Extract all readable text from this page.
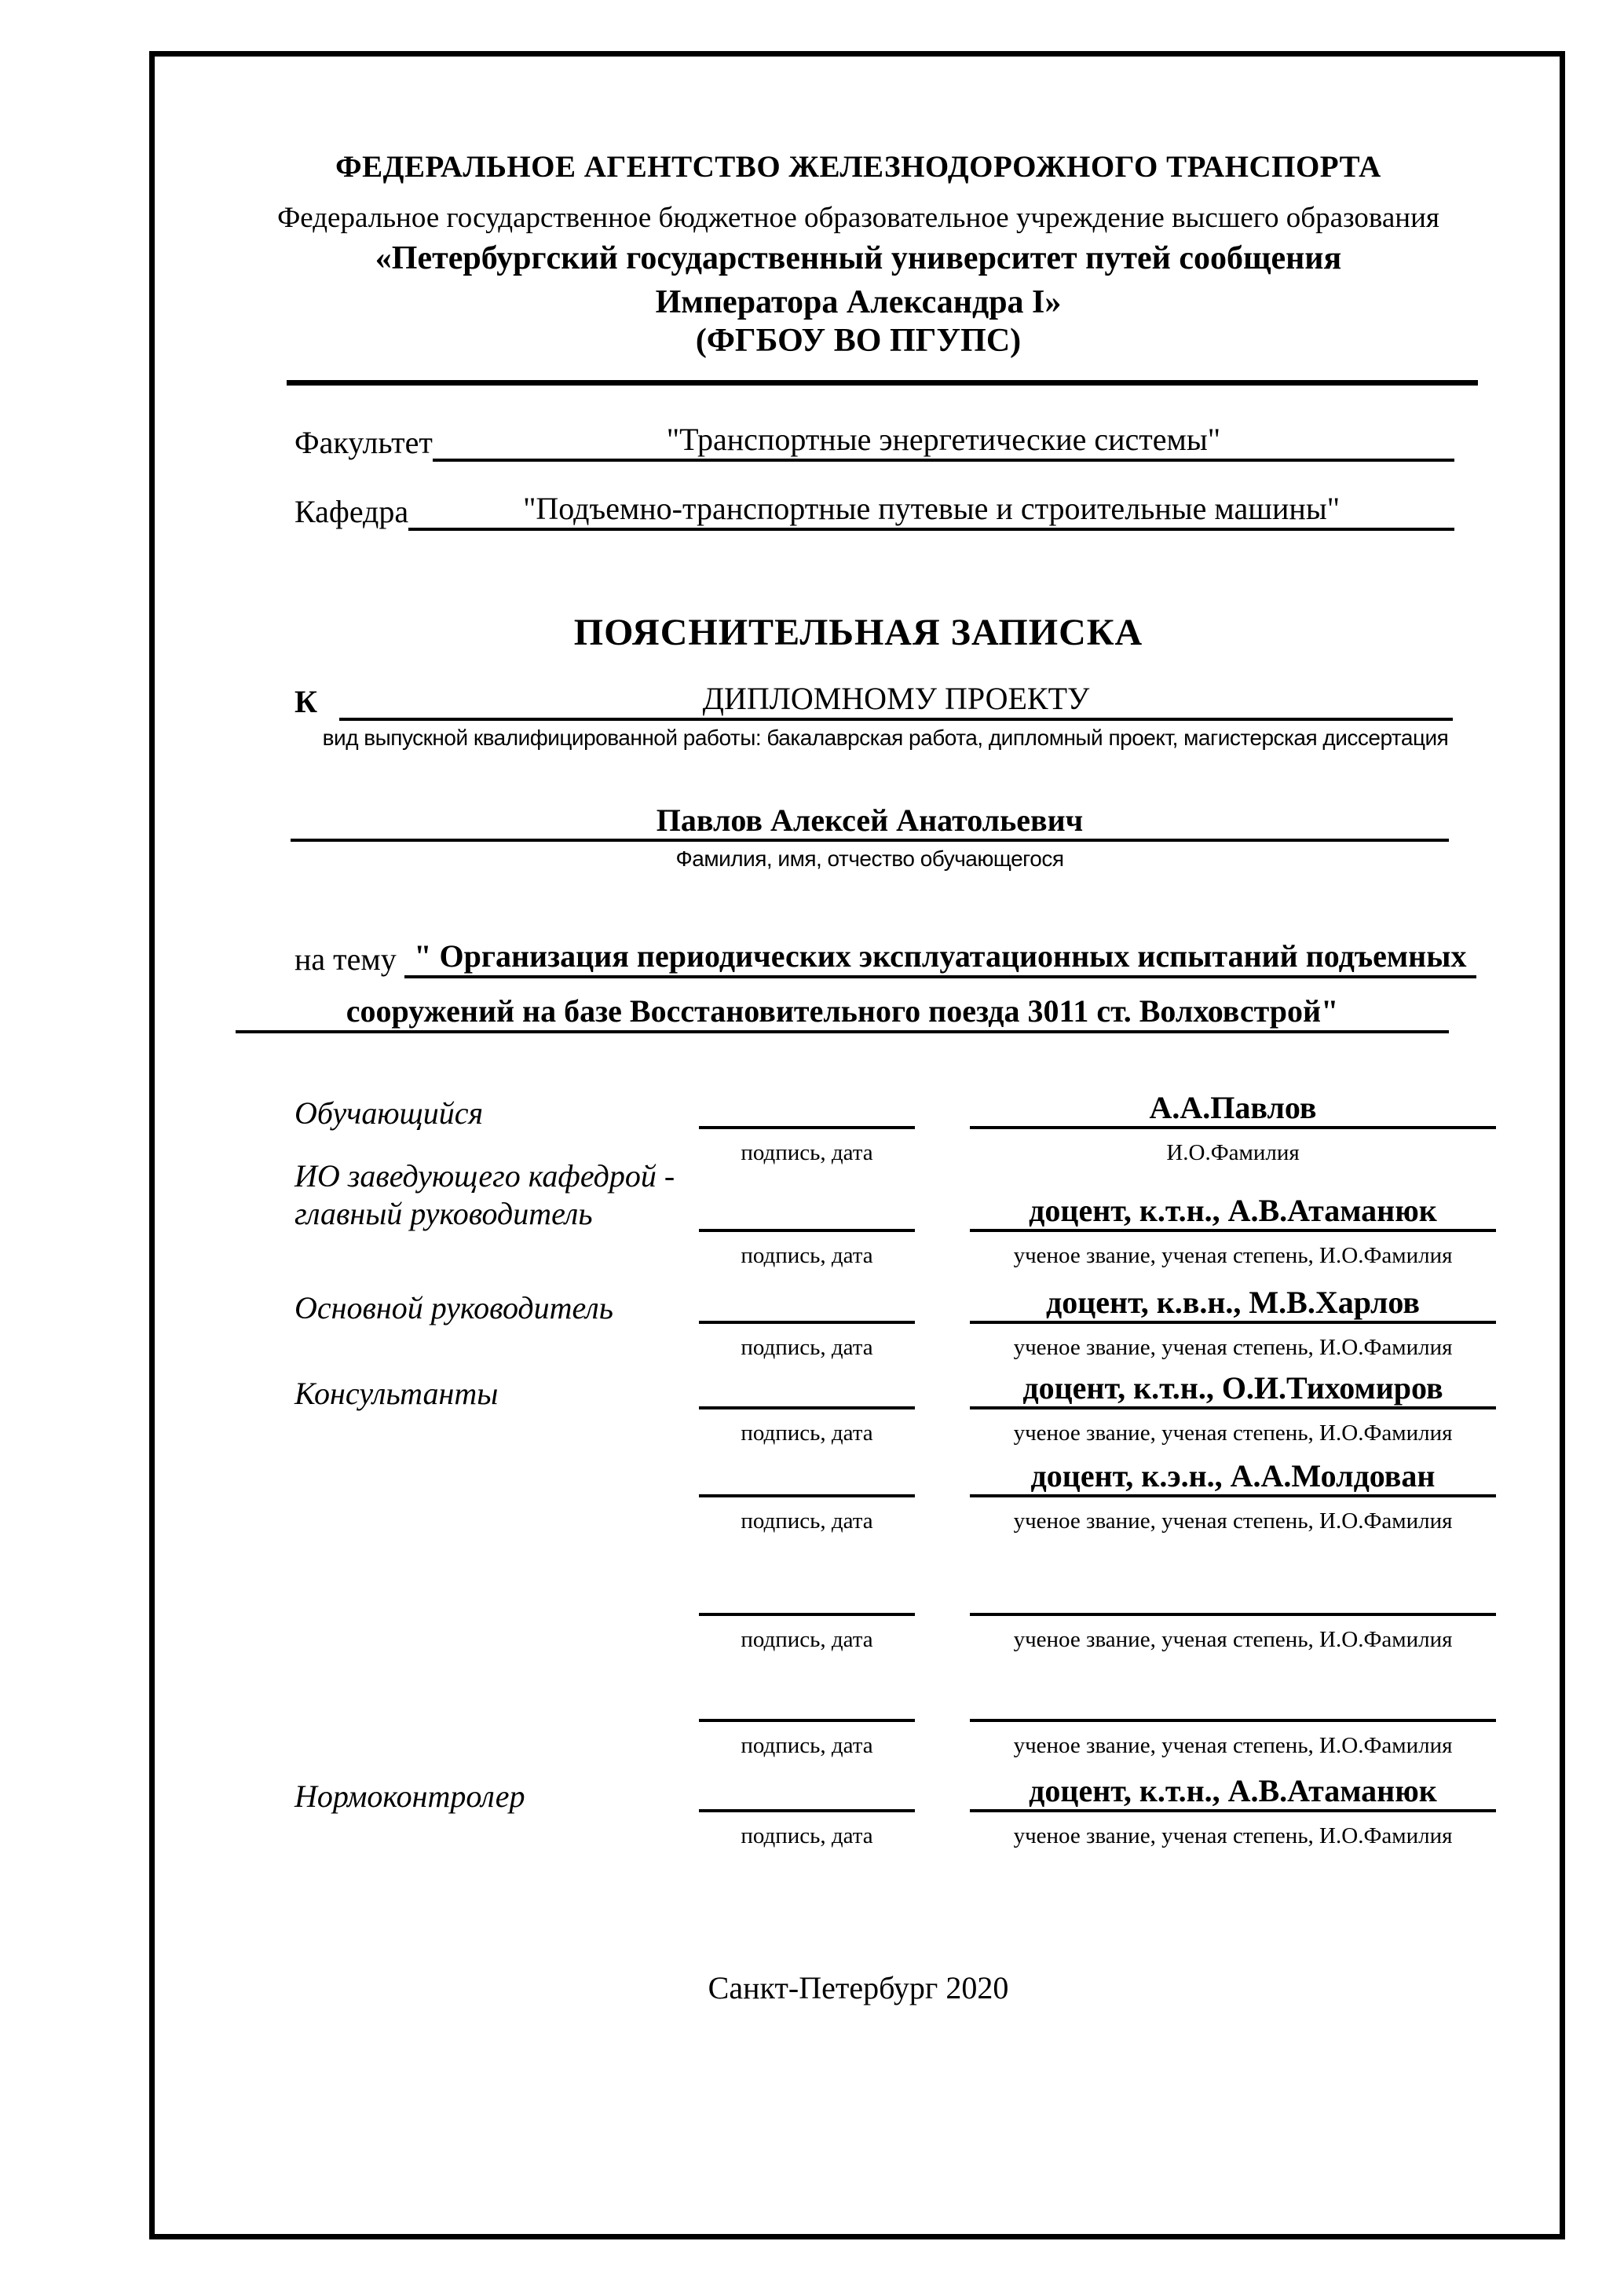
ФЕДЕРАЛЬНОЕ АГЕНТСТВО ЖЕЛЕЗНОДОРОЖНОГО ТРАНСПОРТА
Федеральное государственное бюджетное образовательное учреждение высшего образования
«Петербургский государственный университет путей сообщения
Императора Александра I»
(ФГБОУ ВО ПГУПС)
Факультет	"Транспортные энергетические системы"
Кафедра	"Подъемно-транспортные путевые и строительные машины"
ПОЯСНИТЕЛЬНАЯ ЗАПИСКА
К	ДИПЛОМНОМУ ПРОЕКТУ
вид выпускной квалифицированной работы: бакалаврская работа, дипломный проект, магистерская диссертация
Павлов Алексей Анатольевич
Фамилия, имя, отчество обучающегося
на тему
" Организация периодических эксплуатационных испытаний подъемных
сооружений на базе Восстановительного поезда 3011 ст. Волховстрой"
Обучающийся	А.А.Павлов
подпись, дата	И.О.Фамилия
ИО заведующего кафедрой -
главный руководитель	доцент, к.т.н., А.В.Атаманюк
подпись, дата	ученое звание, ученая степень, И.О.Фамилия
Основной руководитель	доцент, к.в.н., М.В.Харлов
подпись, дата	ученое звание, ученая степень, И.О.Фамилия
Консультанты	доцент, к.т.н., О.И.Тихомиров
подпись, дата	ученое звание, ученая степень, И.О.Фамилия
доцент, к.э.н., А.А.Молдован
подпись, дата	ученое звание, ученая степень, И.О.Фамилия
подпись, дата	ученое звание, ученая степень, И.О.Фамилия
подпись, дата	ученое звание, ученая степень, И.О.Фамилия
Нормоконтролер	доцент, к.т.н., А.В.Атаманюк
подпись, дата	ученое звание, ученая степень, И.О.Фамилия
Санкт-Петербург 2020
